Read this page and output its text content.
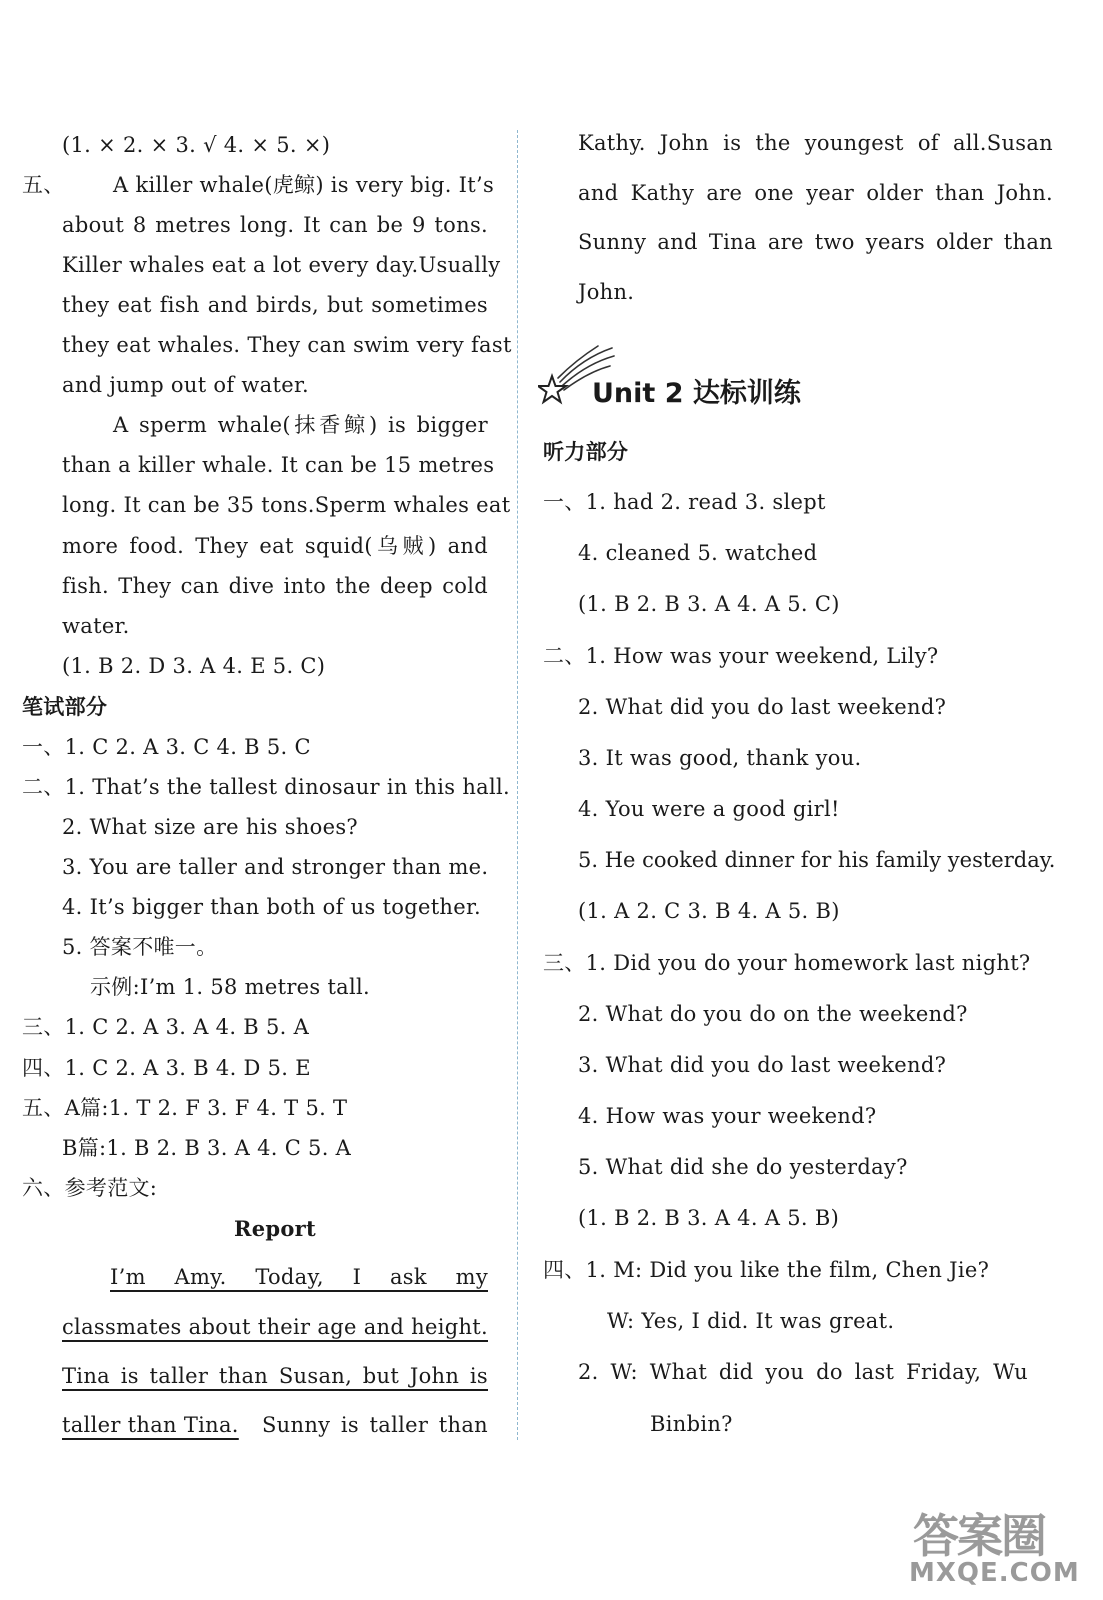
(1. × 2. × 3. √ 4. × 5. ×)
五、 A killer whale(虎鲸) is very big. It’s
about 8 metres long. It can be 9 tons.
Killer whales eat a lot every day.Usually
they eat fish and birds, but sometimes
they eat whales. They can swim very fast
and jump out of water.
A sperm whale(抹香鲸) is bigger
than a killer whale. It can be 15 metres
long. It can be 35 tons.Sperm whales eat
more food. They eat squid(乌贼) and
fish. They can dive into the deep cold
water.
(1. B 2. D 3. A 4. E 5. C)
笔试部分
一、1. C 2. A 3. C 4. B 5. C
二、1. That’s the tallest dinosaur in this hall.
2. What size are his shoes?
3. You are taller and stronger than me.
4. It’s bigger than both of us together.
5. 答案不唯一。
示例:I’m 1. 58 metres tall.
三、1. C 2. A 3. A 4. B 5. A
四、1. C 2. A 3. B 4. D 5. E
五、A篇:1. T 2. F 3. F 4. T 5. T
B篇:1. B 2. B 3. A 4. C 5. A
六、参考范文:
Report
I’m Amy. Today, I ask my
classmates about their age and height.
Tina is taller than Susan, but John is
taller than Tina. Sunny is taller than
Kathy. John is the youngest of all.Susan
and Kathy are one year older than John.
Sunny and Tina are two years older than
John.
听力部分
一、1. had 2. read 3. slept
4. cleaned 5. watched
(1. B 2. B 3. A 4. A 5. C)
二、1. How was your weekend, Lily?
2. What did you do last weekend?
3. It was good, thank you.
4. You were a good girl!
5. He cooked dinner for his family yesterday.
(1. A 2. C 3. B 4. A 5. B)
三、1. Did you do your homework last night?
2. What do you do on the weekend?
3. What did you do last weekend?
4. How was your weekend?
5. What did she do yesterday?
(1. B 2. B 3. A 4. A 5. B)
四、1. M: Did you like the film, Chen Jie?
W: Yes, I did. It was great.
2. W: What did you do last Friday, Wu
Binbin?
Unit 2 达标训练
答案圈
MXQE.COM
